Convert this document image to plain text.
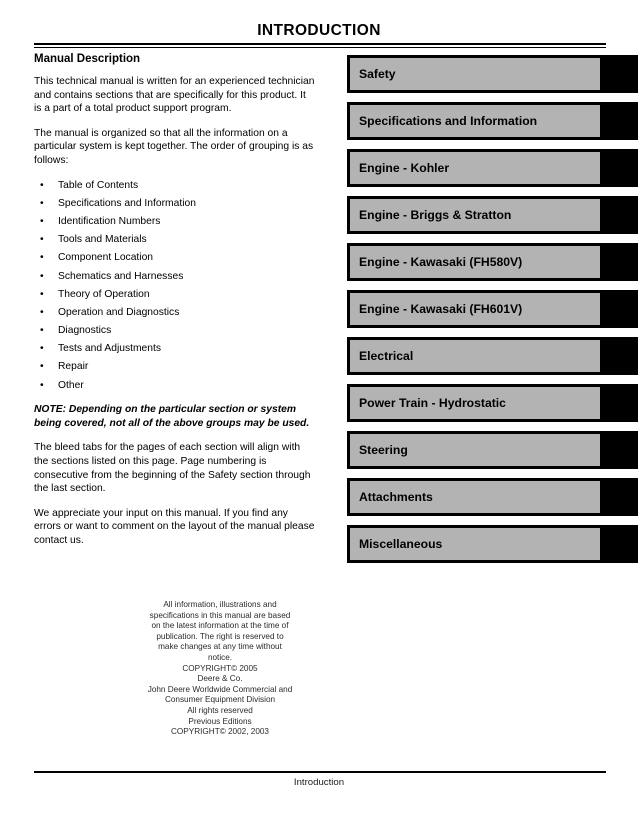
INTRODUCTION
Manual Description

This technical manual is written for an experienced technician and contains sections that are specifically for this product. It is a part of a total product support program.

The manual is organized so that all the information on a particular system is kept together. The order of grouping is as follows:

• Table of Contents
• Specifications and Information
• Identification Numbers
• Tools and Materials
• Component Location
• Schematics and Harnesses
• Theory of Operation
• Operation and Diagnostics
• Diagnostics
• Tests and Adjustments
• Repair
• Other

NOTE: Depending on the particular section or system being covered, not all of the above groups may be used.

The bleed tabs for the pages of each section will align with the sections listed on this page. Page numbering is consecutive from the beginning of the Safety section through the last section.

We appreciate your input on this manual. If you find any errors or want to comment on the layout of the manual please contact us.

All information, illustrations and
specifications in this manual are based
on the latest information at the time of
publication. The right is reserved to
make changes at any time without
notice.
COPYRIGHT© 2005
Deere & Co.
John Deere Worldwide Commercial and
Consumer Equipment Division
All rights reserved
Previous Editions
COPYRIGHT© 2002, 2003
Safety
Specifications and Information
Engine - Kohler
Engine - Briggs & Stratton
Engine - Kawasaki (FH580V)
Engine - Kawasaki (FH601V)
Electrical
Power Train - Hydrostatic
Steering
Attachments
Miscellaneous
Introduction
